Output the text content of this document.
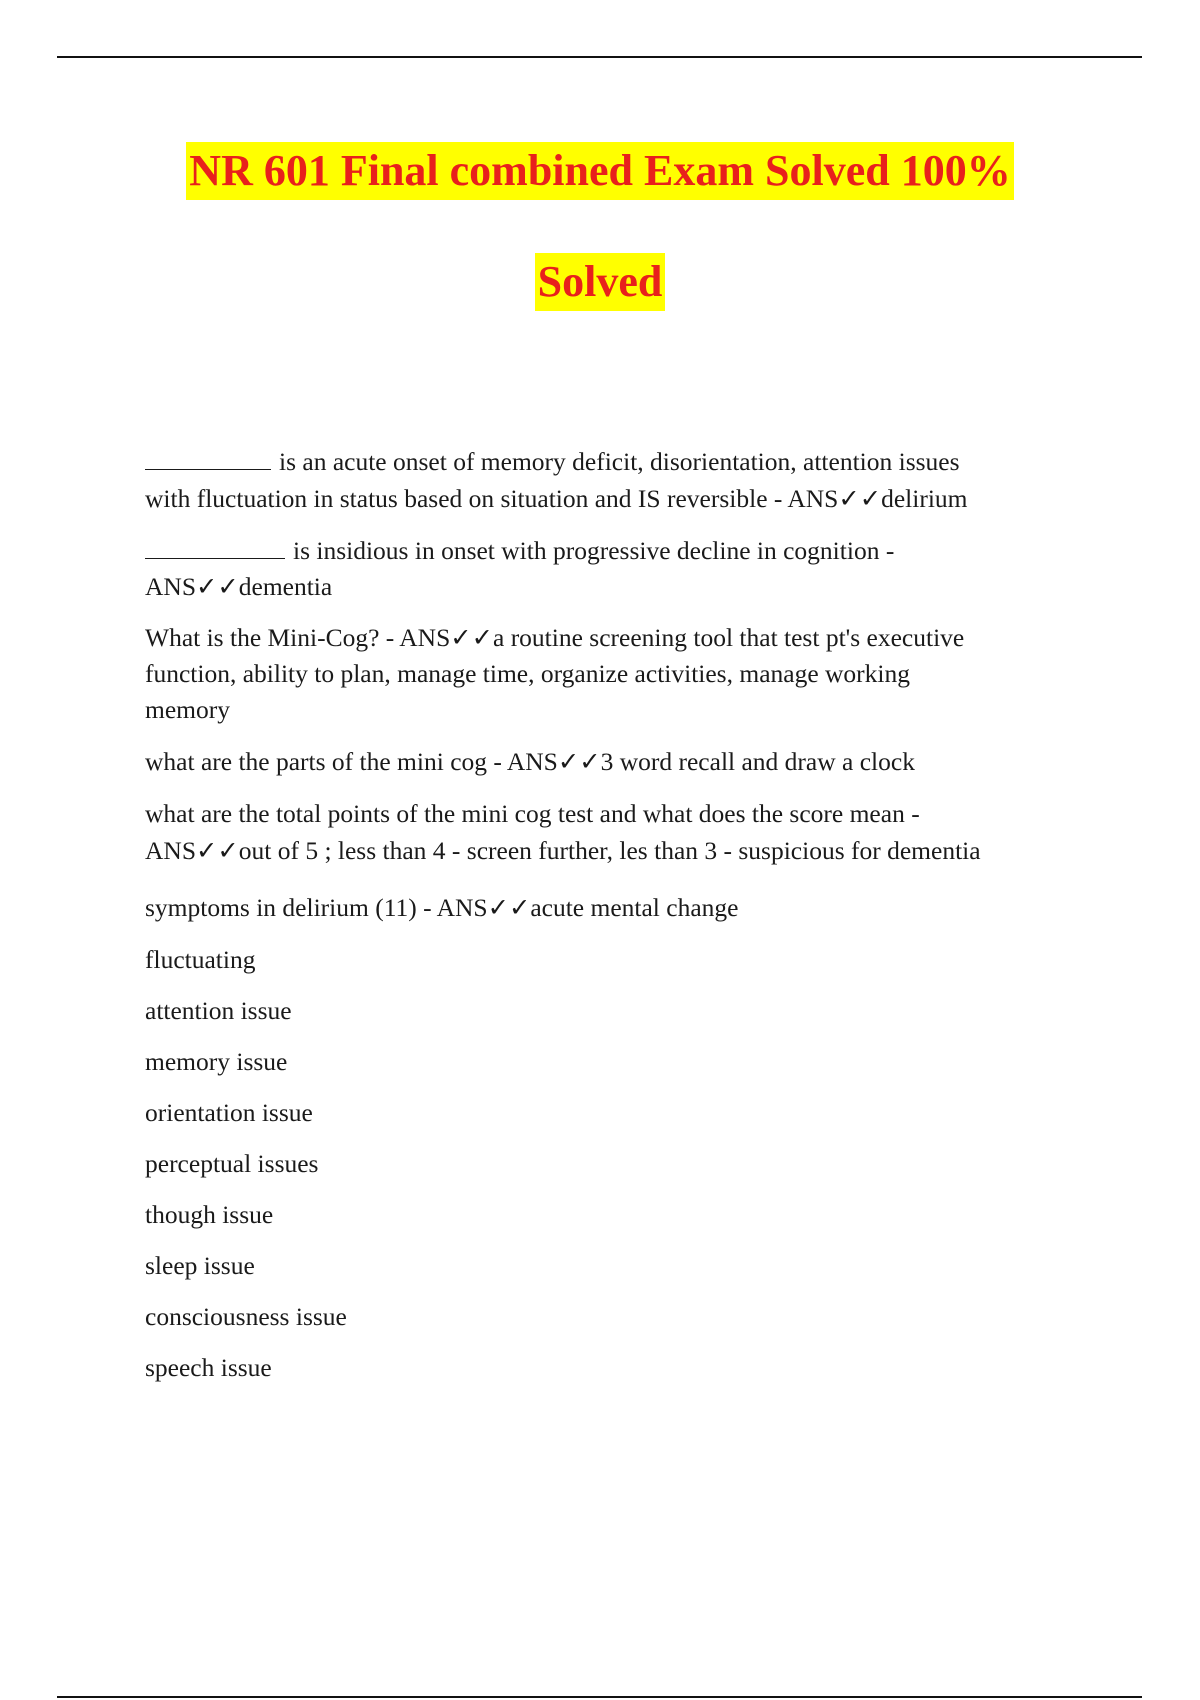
NR 601 Final combined Exam Solved 100%
Solved
is an acute onset of memory deficit, disorientation, attention issues
with fluctuation in status based on situation and IS reversible - ANS✓✓delirium
is insidious in onset with progressive decline in cognition -
ANS✓✓dementia
What is the Mini-Cog? - ANS✓✓a routine screening tool that test pt's executive
function, ability to plan, manage time, organize activities, manage working
memory
what are the parts of the mini cog - ANS✓✓3 word recall and draw a clock
what are the total points of the mini cog test and what does the score mean -
ANS✓✓out of 5 ; less than 4 - screen further, les than 3 - suspicious for dementia
symptoms in delirium (11) - ANS✓✓acute mental change
fluctuating
attention issue
memory issue
orientation issue
perceptual issues
though issue
sleep issue
consciousness issue
speech issue
